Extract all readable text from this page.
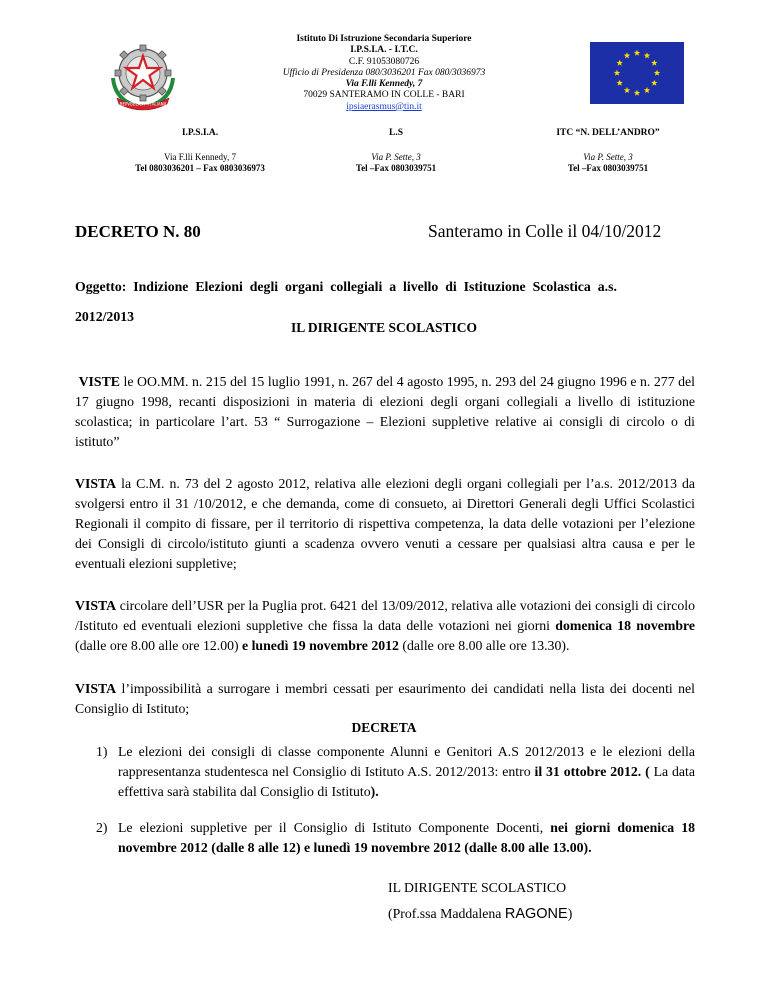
REPVBBLICA · ITALIANA
Istituto Di Istruzione Secondaria Superiore
I.P.S.I.A. - I.T.C.
C.F. 91053080726
Ufficio di Presidenza 080/3036201 Fax 080/3036973
Via F.lli Kennedy, 7
70029 SANTERAMO IN COLLE - BARI
ipsiaerasmus@tin.it
I.P.S.I.A.
Via F.lli Kennedy, 7
Tel 0803036201 – Fax 0803036973
L.S
Via P. Sette, 3
Tel –Fax 0803039751
ITC “N. DELL’ANDRO”
Via P. Sette, 3
Tel –Fax 0803039751
DECRETO N. 80	Santeramo in Colle il 04/10/2012
Oggetto:  Indizione  Elezioni  degli  organi  collegiali  a  livello  di  Istituzione  Scolastica  a.s.
2012/2013
IL DIRIGENTE SCOLASTICO
VISTE le OO.MM. n. 215 del 15 luglio 1991, n. 267 del 4 agosto 1995, n. 293 del 24 giugno 1996 e n. 277 del 17 giugno 1998, recanti disposizioni in materia di elezioni degli organi collegiali a livello di istituzione scolastica; in particolare l’art. 53 “ Surrogazione – Elezioni suppletive relative ai consigli di circolo o di istituto”
VISTA la C.M. n. 73 del 2 agosto 2012, relativa alle elezioni degli organi collegiali per l’a.s. 2012/2013 da svolgersi entro il 31 /10/2012, e che demanda, come di consueto, ai Direttori Generali degli Uffici Scolastici Regionali il compito di fissare, per il territorio di rispettiva competenza, la data delle votazioni per l’elezione dei Consigli di circolo/istituto giunti a scadenza ovvero venuti a cessare per qualsiasi altra causa e per le eventuali elezioni suppletive;
VISTA circolare dell’USR per la Puglia prot. 6421 del 13/09/2012, relativa alle votazioni dei consigli di circolo /Istituto ed eventuali elezioni suppletive che fissa la data delle votazioni nei giorni domenica 18 novembre (dalle ore 8.00 alle ore 12.00) e lunedì 19 novembre 2012 (dalle ore 8.00 alle ore 13.30).
VISTA l’impossibilità a surrogare i membri cessati per esaurimento dei candidati nella lista dei docenti nel Consiglio di Istituto;
DECRETA
1) Le elezioni dei consigli di classe componente Alunni e Genitori A.S 2012/2013 e le elezioni della rappresentanza studentesca nel Consiglio di Istituto A.S. 2012/2013: entro il 31 ottobre 2012. ( La data effettiva sarà stabilita dal Consiglio di Istituto).
2) Le elezioni suppletive per il Consiglio di Istituto Componente Docenti, nei giorni domenica 18 novembre 2012 (dalle 8 alle 12) e lunedì 19 novembre 2012 (dalle 8.00 alle 13.00).
IL DIRIGENTE SCOLASTICO
(Prof.ssa Maddalena RAGONE)
